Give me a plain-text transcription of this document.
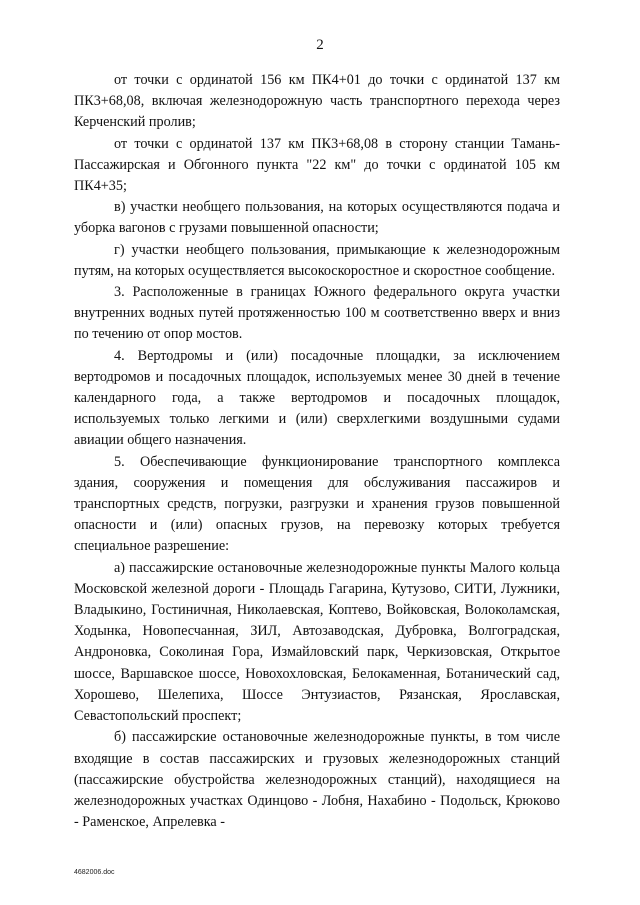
2

от точки с ординатой 156 км ПК4+01 до точки с ординатой 137 км ПК3+68,08, включая железнодорожную часть транспортного перехода через Керченский пролив;

от точки с ординатой 137 км ПК3+68,08 в сторону станции Тамань-Пассажирская и Обгонного пункта "22 км" до точки с ординатой 105 км ПК4+35;

в) участки необщего пользования, на которых осуществляются подача и уборка вагонов с грузами повышенной опасности;

г) участки необщего пользования, примыкающие к железнодорожным путям, на которых осуществляется высокоскоростное и скоростное сообщение.

3. Расположенные в границах Южного федерального округа участки внутренних водных путей протяженностью 100 м соответственно вверх и вниз по течению от опор мостов.

4. Вертодромы и (или) посадочные площадки, за исключением вертодромов и посадочных площадок, используемых менее 30 дней в течение календарного года, а также вертодромов и посадочных площадок, используемых только легкими и (или) сверхлегкими воздушными судами авиации общего назначения.

5. Обеспечивающие функционирование транспортного комплекса здания, сооружения и помещения для обслуживания пассажиров и транспортных средств, погрузки, разгрузки и хранения грузов повышенной опасности и (или) опасных грузов, на перевозку которых требуется специальное разрешение:

а) пассажирские остановочные железнодорожные пункты Малого кольца Московской железной дороги - Площадь Гагарина, Кутузово, СИТИ, Лужники, Владыкино, Гостиничная, Николаевская, Коптево, Войковская, Волоколамская, Ходынка, Новопесчанная, ЗИЛ, Автозаводская, Дубровка, Волгоградская, Андроновка, Соколиная Гора, Измайловский парк, Черкизовская, Открытое шоссе, Варшавское шоссе, Новохохловская, Белокаменная, Ботанический сад, Хорошево, Шелепиха, Шоссе Энтузиастов, Рязанская, Ярославская, Севастопольский проспект;

б) пассажирские остановочные железнодорожные пункты, в том числе входящие в состав пассажирских и грузовых железнодорожных станций (пассажирские обустройства железнодорожных станций), находящиеся на железнодорожных участках Одинцово - Лобня, Нахабино - Подольск, Крюково - Раменское, Апрелевка -

4682006.doc
